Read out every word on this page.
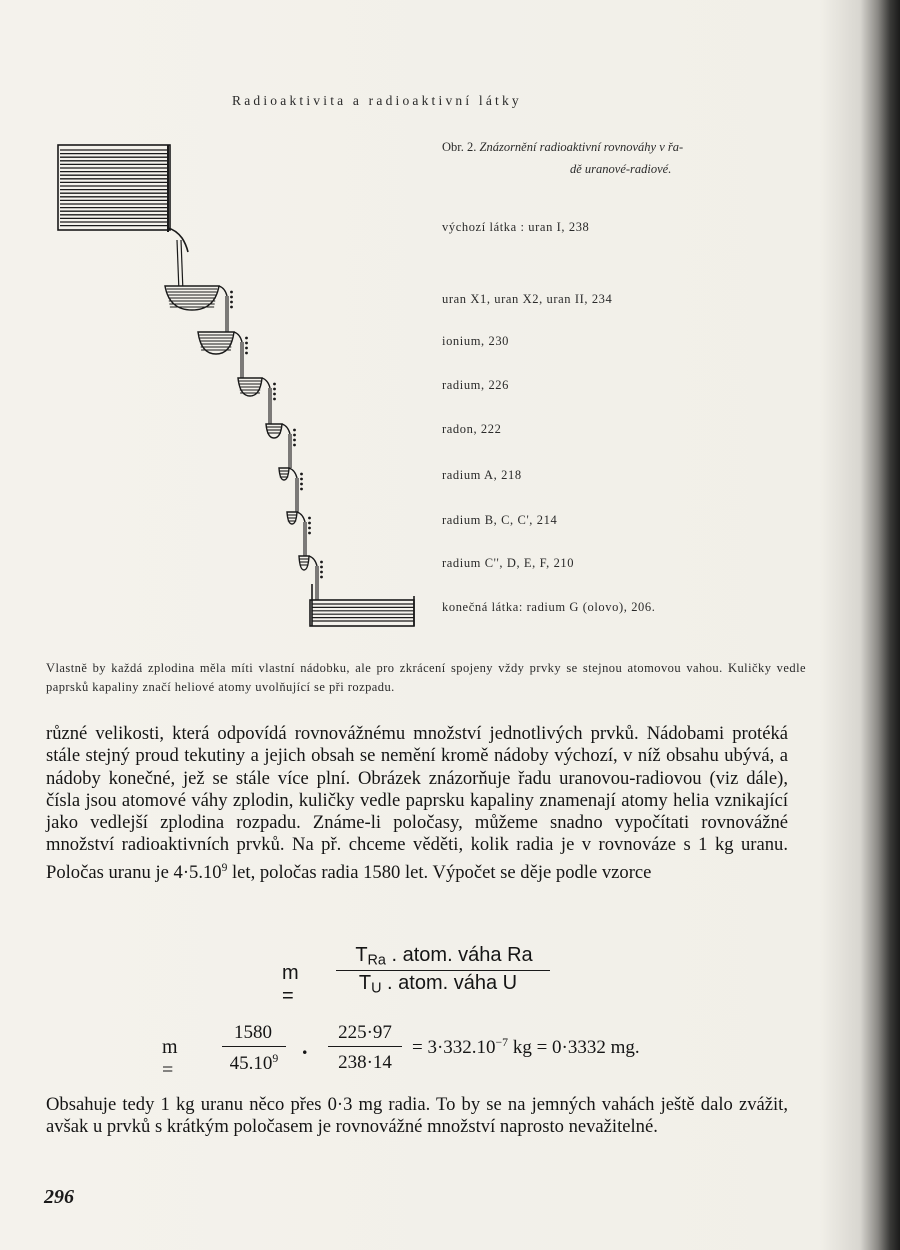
Radioaktivita a radioaktivní látky
Obr. 2. Znázornění radioaktivní rovnováhy v řa-
dě uranové-radiové.
výchozí látka : uran I, 238
uran X1, uran X2, uran II, 234
ionium, 230
radium, 226
radon, 222
radium A, 218
radium B, C, C', 214
radium C'', D, E, F, 210
konečná látka: radium G (olovo), 206.
Vlastně by každá zplodina měla míti vlastní nádobku, ale pro zkrácení spojeny vždy prvky se stejnou atomovou vahou. Kuličky vedle paprsků kapaliny značí heliové atomy uvolňující se při rozpadu.

různé velikosti, která odpovídá rovnovážnému množství jednotlivých prvků. Nádobami protéká stále stejný proud tekutiny a jejich obsah se nemění kromě nádoby výchozí, v níž obsahu ubývá, a nádoby konečné, jež se stále více plní. Obrázek znázorňuje řadu uranovou-radiovou (viz dále), čísla jsou atomové váhy zplodin, kuličky vedle paprsku kapaliny znamenají atomy helia vznikající jako vedlejší zplodina rozpadu. Známe-li poločasy, můžeme snadno vypočítati rovnovážné množství radioaktivních prvků. Na př. chceme věděti, kolik radia je v rovnováze s 1 kg uranu. Poločas uranu je $4\cdot 5.10^9$ let, poločas radia 1580 let. Výpočet se děje podle vzorce

m =
$T_{Ra}$ . atom. váha Ra
$T_U$ . atom. váha U
m =
1580
45.10$^9$	.
225·97
238·14
= $3\cdot 332.10^{-7}$ kg = 0·3332 mg.

Obsahuje tedy 1 kg uranu něco přes 0·3 mg radia. To by se na jemných vahách ještě dalo zvážit, avšak u prvků s krátkým poločasem je rovnovážné množství naprosto nevažitelné.

296
